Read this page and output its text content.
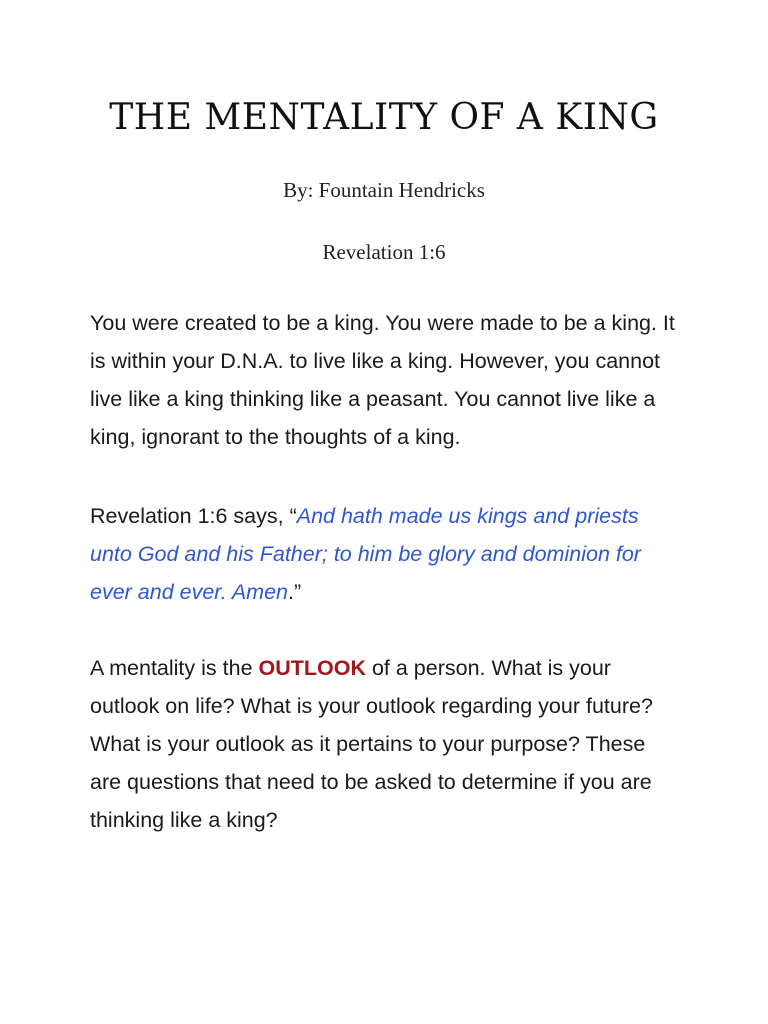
THE MENTALITY OF A KING

By: Fountain Hendricks

Revelation 1:6

You were created to be a king. You were made to be a king. It is within your D.N.A. to live like a king. However, you cannot live like a king thinking like a peasant. You cannot live like a king, ignorant to the thoughts of a king.

Revelation 1:6 says, “And hath made us kings and priests unto God and his Father; to him be glory and dominion for ever and ever. Amen.”

A mentality is the OUTLOOK of a person. What is your outlook on life? What is your outlook regarding your future? What is your outlook as it pertains to your purpose? These are questions that need to be asked to determine if you are thinking like a king?
